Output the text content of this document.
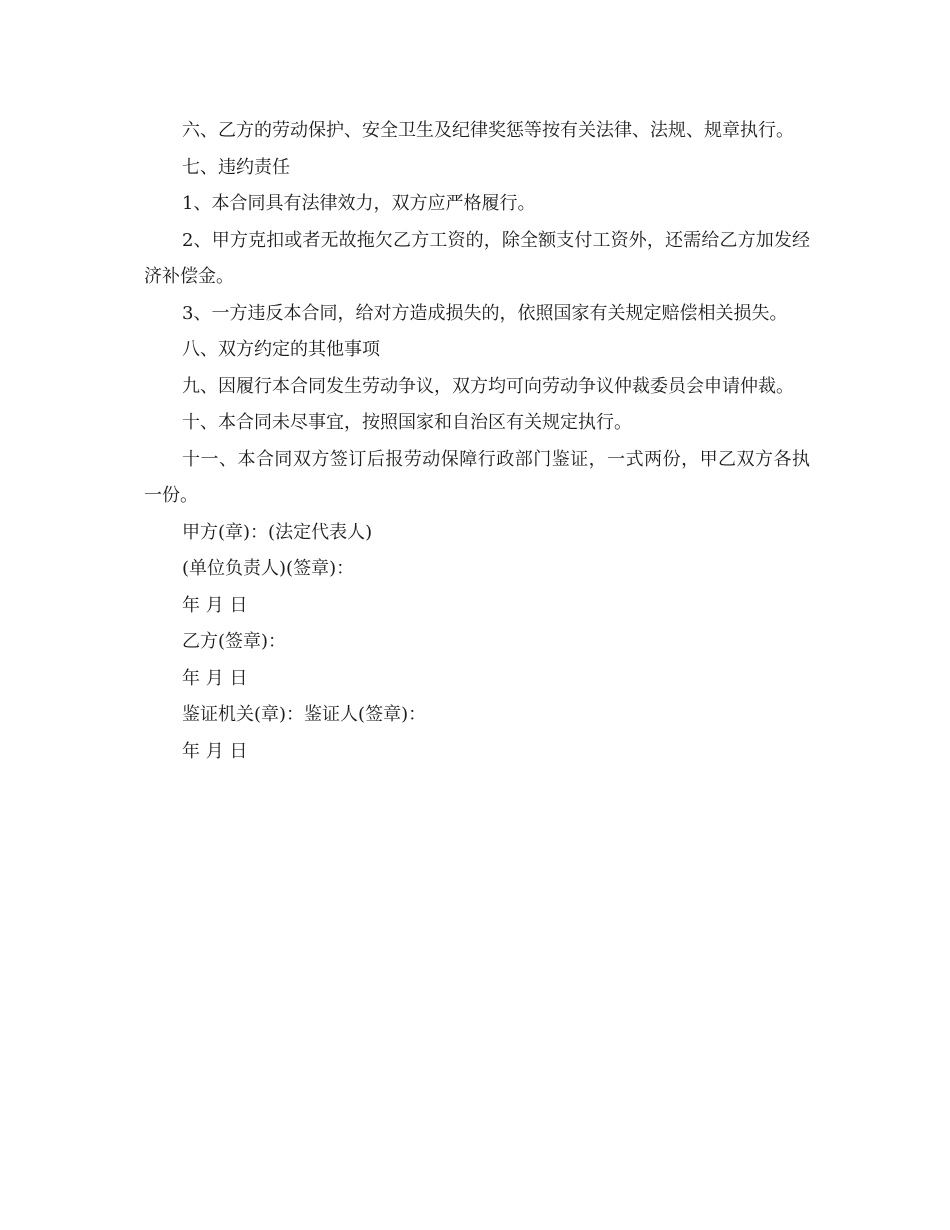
六、乙方的劳动保护、安全卫生及纪律奖惩等按有关法律、法规、规章执行。

七、违约责任

1、本合同具有法律效力，双方应严格履行。

2、甲方克扣或者无故拖欠乙方工资的，除全额支付工资外，还需给乙方加发经济补偿金。

3、一方违反本合同，给对方造成损失的，依照国家有关规定赔偿相关损失。

八、双方约定的其他事项

九、因履行本合同发生劳动争议，双方均可向劳动争议仲裁委员会申请仲裁。

十、本合同未尽事宜，按照国家和自治区有关规定执行。

十一、本合同双方签订后报劳动保障行政部门鉴证，一式两份，甲乙双方各执一份。

甲方(章)：(法定代表人)

(单位负责人)(签章)：

年 月 日

乙方(签章)：

年 月 日

鉴证机关(章)：鉴证人(签章)：

年 月 日
